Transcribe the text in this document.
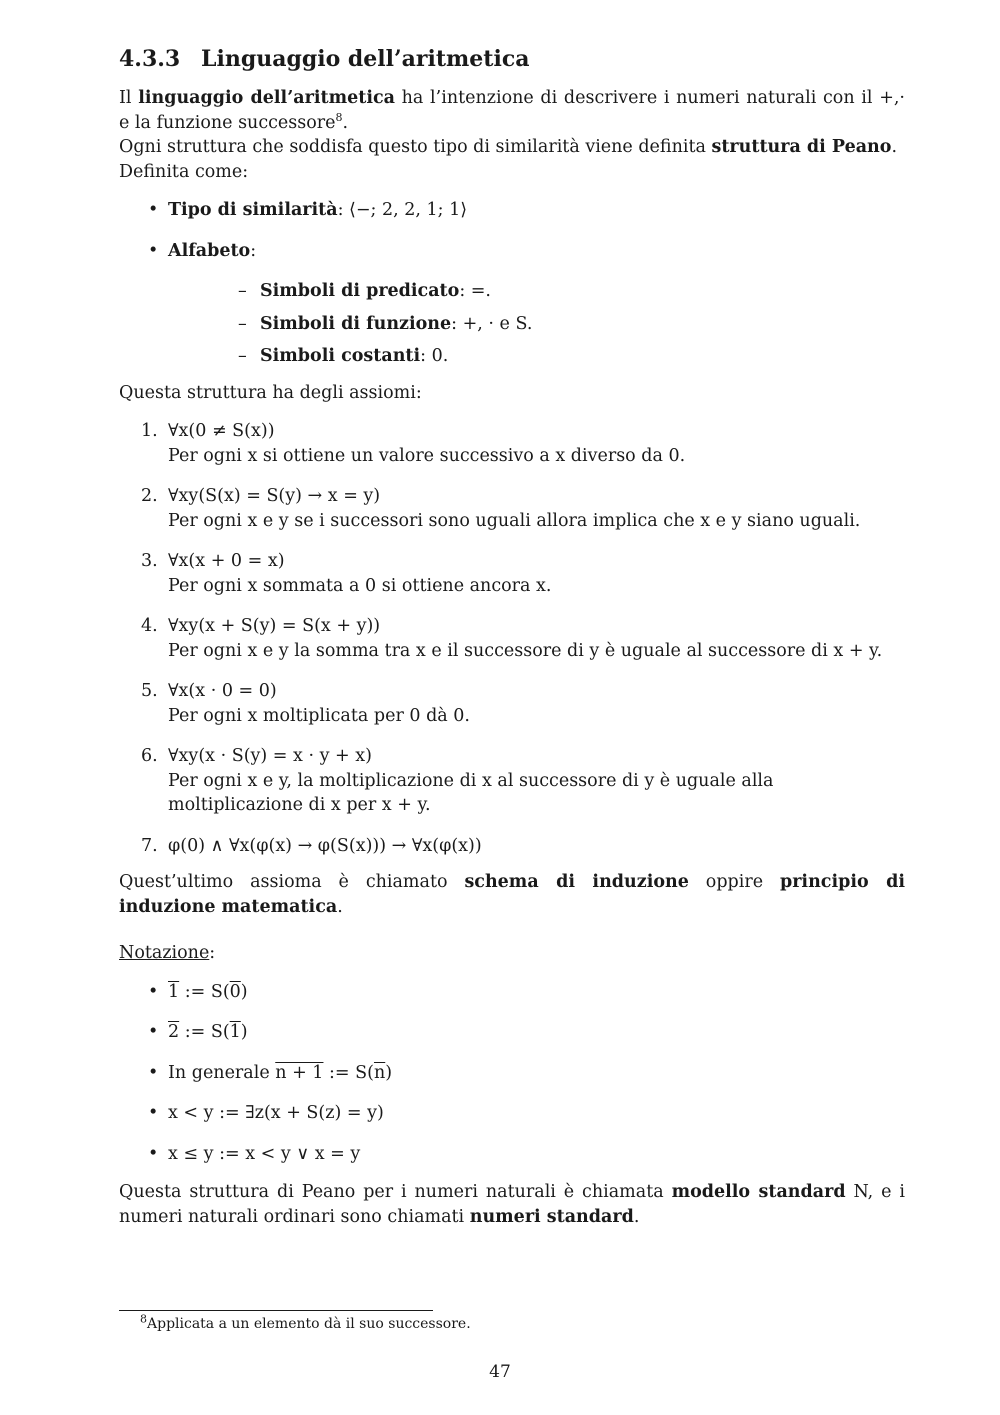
4.3.3 Linguaggio dell’aritmetica

Il linguaggio dell’aritmetica ha l’intenzione di descrivere i numeri naturali con il +,· e la funzione successore$^8$.

Ogni struttura che soddisfa questo tipo di similarità viene definita struttura di Peano.

Definita come:

• Tipo di similarità: ⟨−; 2, 2, 1; 1⟩
• Alfabeto:
– Simboli di predicato: =.
– Simboli di funzione: +, · e S.
– Simboli costanti: 0.

Questa struttura ha degli assiomi:

1. ∀x(0 ≠ S(x))
Per ogni x si ottiene un valore successivo a x diverso da 0.
2. ∀xy(S(x) = S(y) → x = y)
Per ogni x e y se i successori sono uguali allora implica che x e y siano uguali.
3. ∀x(x + 0 = x)
Per ogni x sommata a 0 si ottiene ancora x.
4. ∀xy(x + S(y) = S(x + y))
Per ogni x e y la somma tra x e il successore di y è uguale al successore di x + y.
5. ∀x(x · 0 = 0)
Per ogni x moltiplicata per 0 dà 0.
6. ∀xy(x · S(y) = x · y + x)
Per ogni x e y, la moltiplicazione di x al successore di y è uguale alla moltiplicazione di x per x + y.
7. φ(0) ∧ ∀x(φ(x) → φ(S(x))) → ∀x(φ(x))

Quest’ultimo assioma è chiamato schema di induzione oppire principio di induzione matematica.

Notazione:

• 1 := S(0)
• 2 := S(1)
• In generale n + 1 := $S(\overline{n})$
• x < y := ∃z(x + S(z) = y)
• x ≤ y := x < y ∨ x = y

Questa struttura di Peano per i numeri naturali è chiamata modello standard N, e i numeri naturali ordinari sono chiamati numeri standard.

$^8$Applicata a un elemento dà il suo successore.
47
